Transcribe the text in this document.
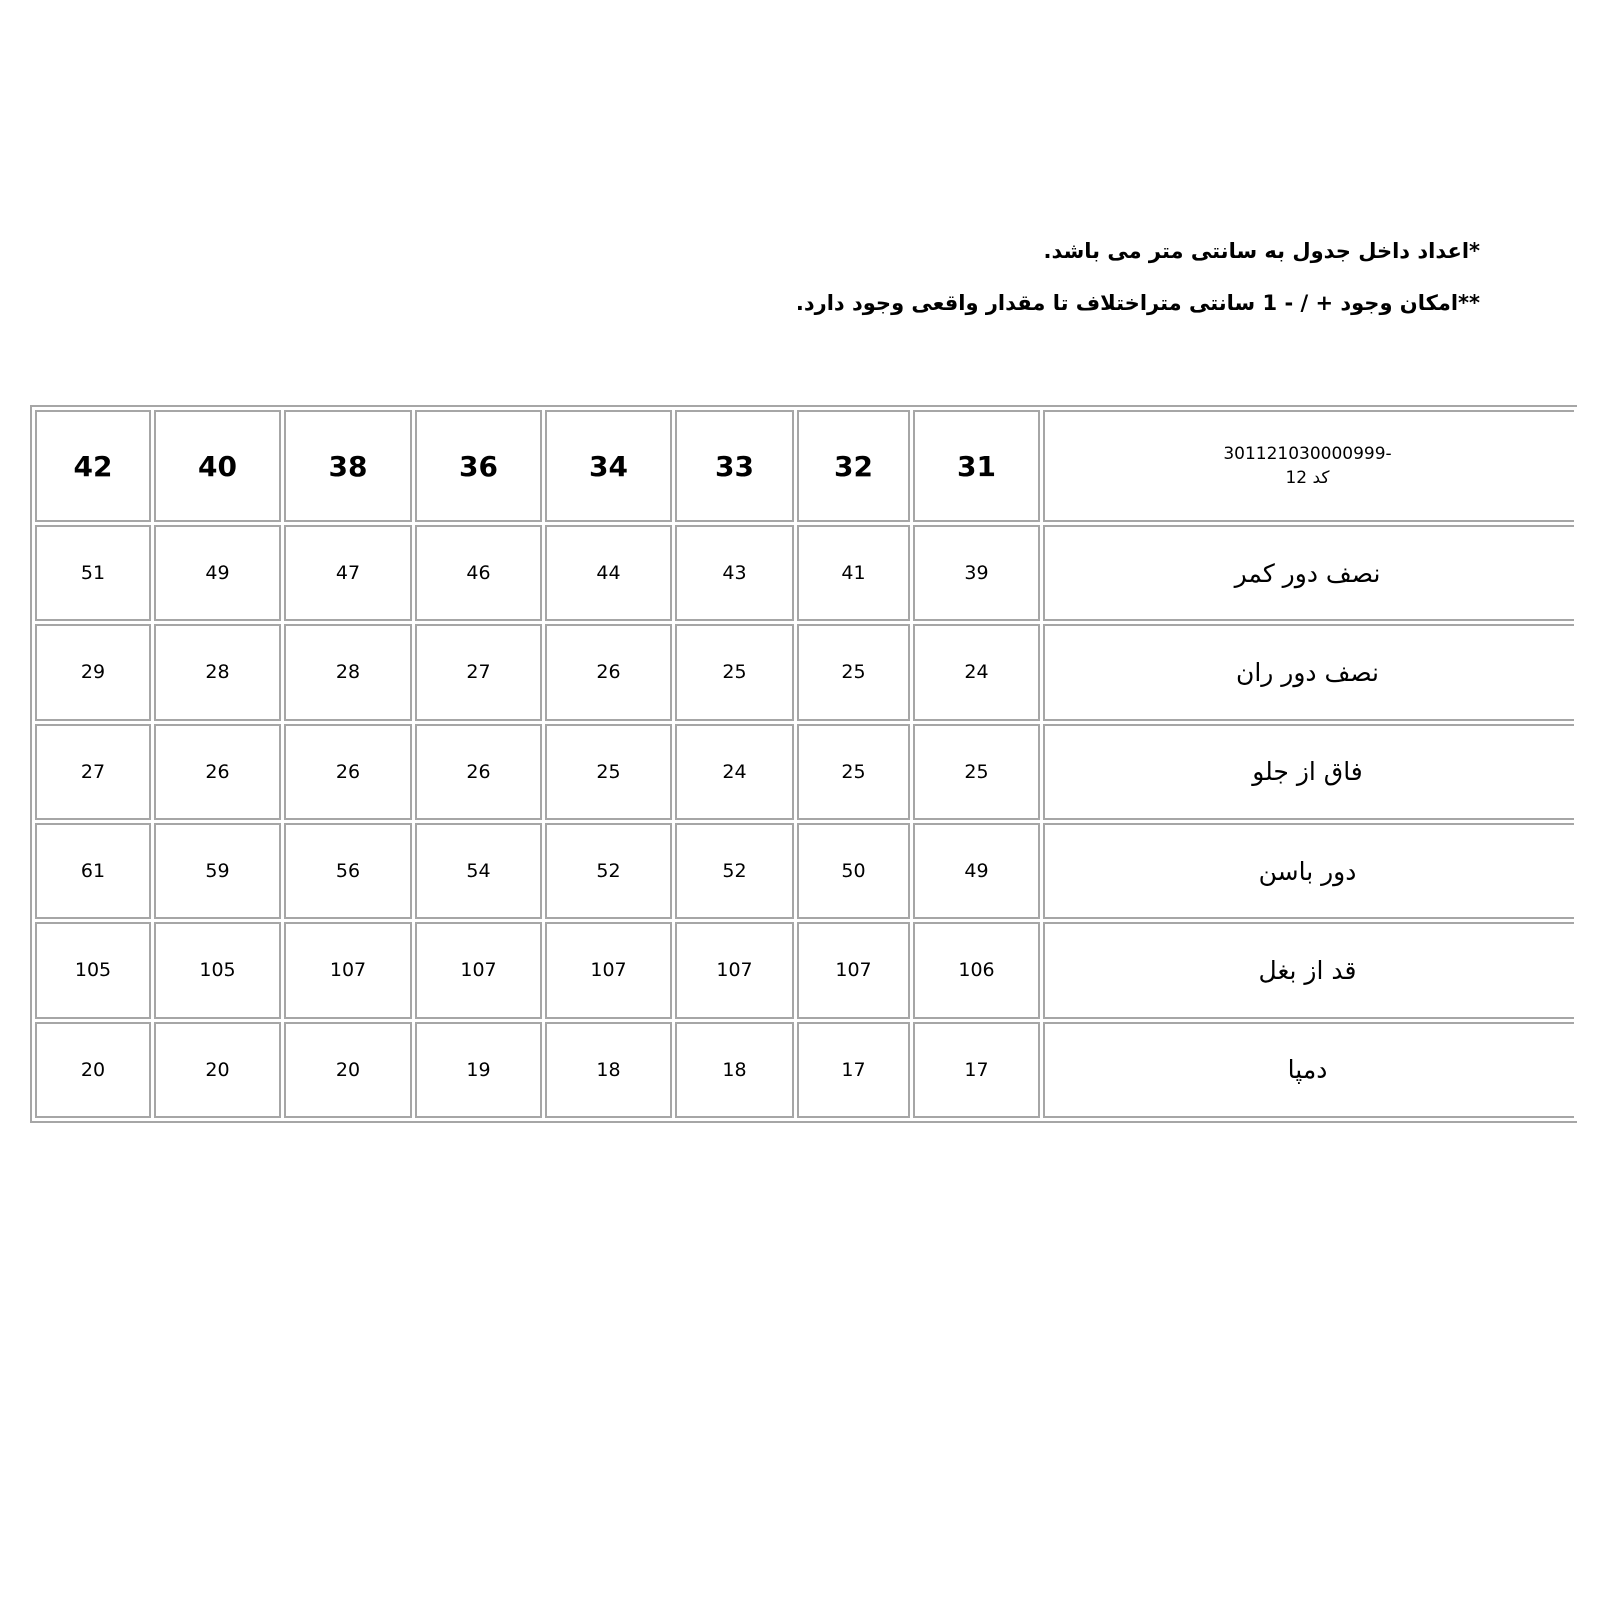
*اعداد داخل جدول به سانتی متر می باشد.

**امکان وجود + / - 1 سانتی متراختلاف تا مقدار واقعی وجود دارد.

42	40	38	36	34	33	32	31	301121030000999-
کد 12

51	49	47	46	44	43	41	39	نصف دور کمر
29	28	28	27	26	25	25	24	نصف دور ران
27	26	26	26	25	24	25	25	فاق از جلو
61	59	56	54	52	52	50	49	دور باسن
105	105	107	107	107	107	107	106	قد از بغل
20	20	20	19	18	18	17	17	دمپا
